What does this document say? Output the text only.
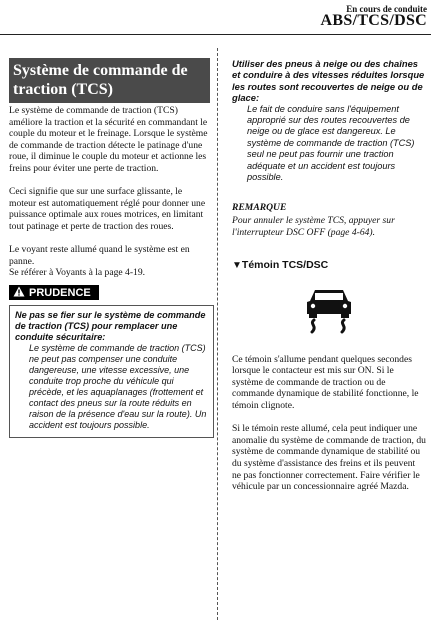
En cours de conduite
ABS/TCS/DSC
Système de commande de traction (TCS)

Le système de commande de traction (TCS) améliore la traction et la sécurité en commandant le couple du moteur et le freinage. Lorsque le système de commande de traction détecte le patinage d'une roue, il diminue le couple du moteur et actionne les freins pour éviter une perte de traction.

Ceci signifie que sur une surface glissante, le moteur est automatiquement réglé pour donner une puissance optimale aux roues motrices, en limitant tout patinage et perte de traction des roues.

Le voyant reste allumé quand le système est en panne.

Se référer à Voyants à la page 4-19.

PRUDENCE

Ne pas se fier sur le système de commande de traction (TCS) pour remplacer une conduite sécuritaire:

Le système de commande de traction (TCS) ne peut pas compenser une conduite dangereuse, une vitesse excessive, une conduite trop proche du véhicule qui précède, et les aquaplanages (frottement et contact des pneus sur la route réduits en raison de la présence d'eau sur la route). Un accident est toujours possible.

Utiliser des pneus à neige ou des chaînes et conduire à des vitesses réduites lorsque les routes sont recouvertes de neige ou de glace:

Le fait de conduire sans l'équipement approprié sur des routes recouvertes de neige ou de glace est dangereux. Le système de commande de traction (TCS) seul ne peut pas fournir une traction adéquate et un accident est toujours possible.

REMARQUE

Pour annuler le système TCS, appuyer sur l'interrupteur DSC OFF (page 4-64).

▼Témoin TCS/DSC

Ce témoin s'allume pendant quelques secondes lorsque le contacteur est mis sur ON. Si le système de commande de traction ou de commande dynamique de stabilité fonctionne, le témoin clignote.

Si le témoin reste allumé, cela peut indiquer une anomalie du système de commande de traction, du système de commande dynamique de stabilité ou du système d'assistance des freins et ils peuvent ne pas fonctionner correctement. Faire vérifier le véhicule par un concessionnaire agréé Mazda.
